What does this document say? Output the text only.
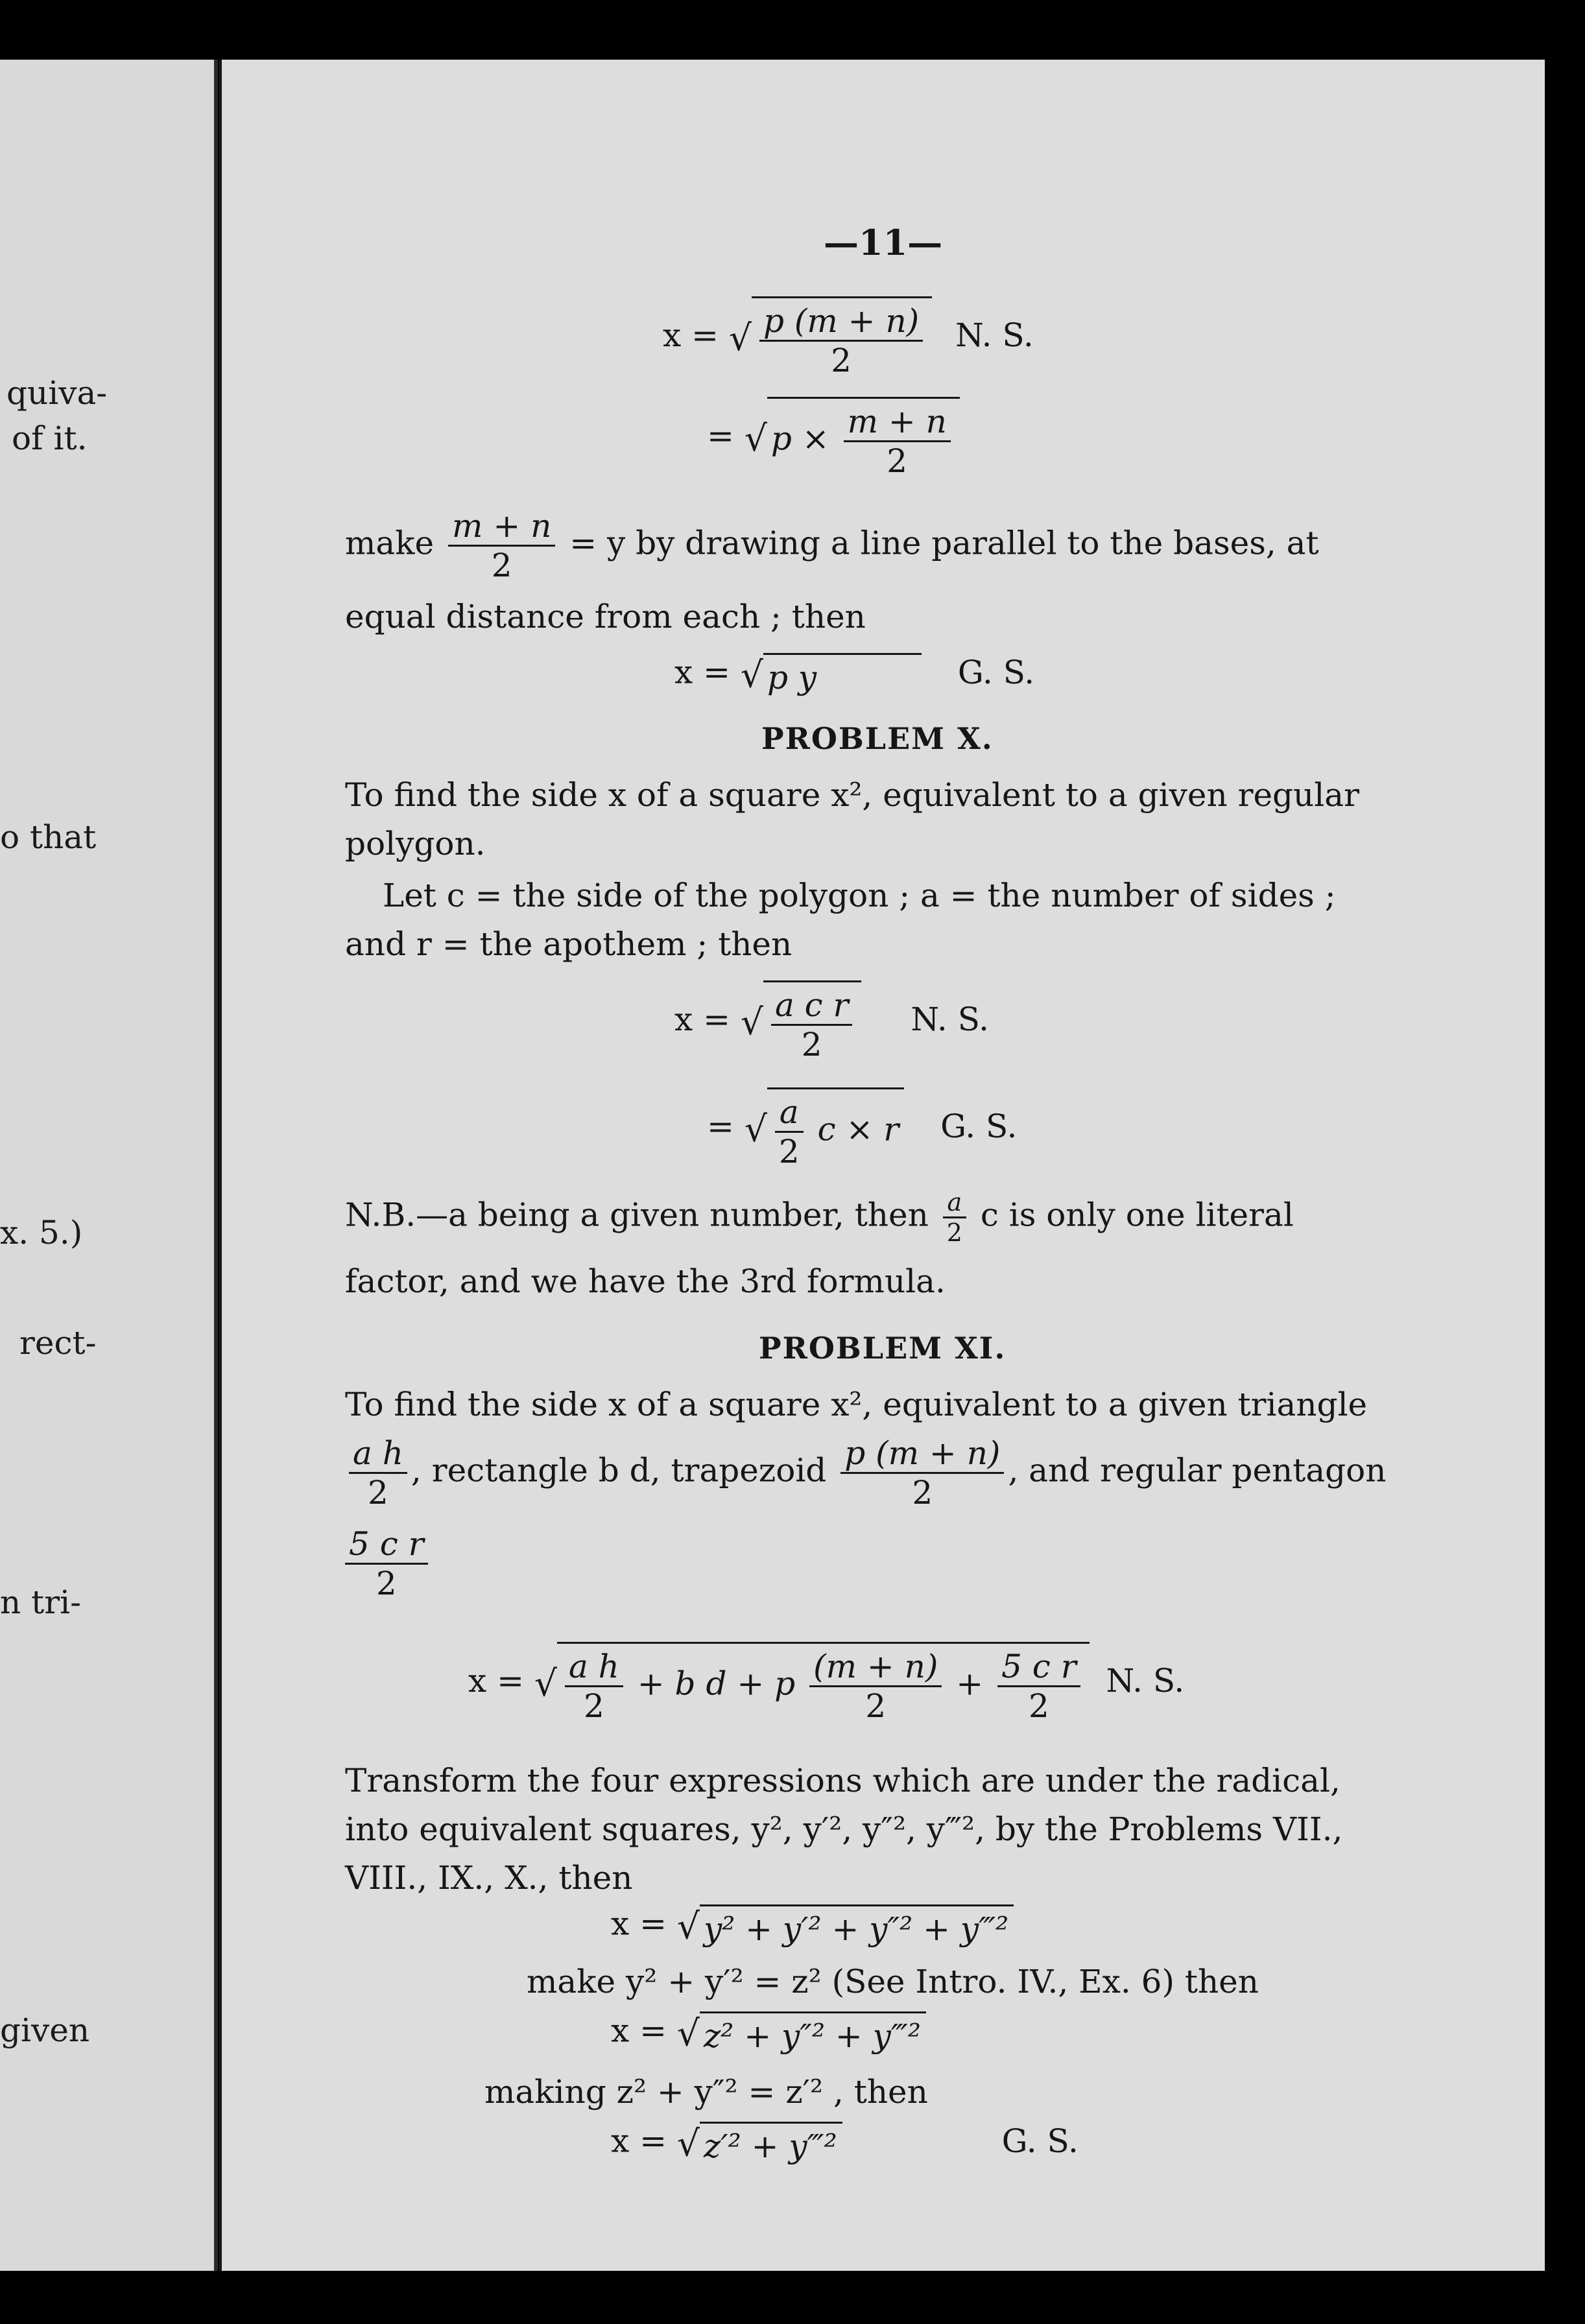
quiva-
of it.
o that
x. 5.)
rect-
n tri-
given
—11—
x = √ $\frac{p (m + n)}{2} N$. S.
= √ $p \times \frac{m + n}{2}$
make $\frac{m + n}{2} = y$ by drawing a line parallel to the bases, at
equal distance from each ; then
x = √ p y	G. S.
PROBLEM X.
To find the side x of a square x², equivalent to a given regular
polygon.
Let c = the side of the polygon ; a = the number of sides ;
and r = the apothem ; then
x = √ $\frac{\text{a c r}}{2} N$. S.
= √ $\frac{a}{2}$ c × r G. S.
N.B.—a being a given number, then $\frac{a}{2}$ c is only one literal
factor, and we have the 3rd formula.
PROBLEM XI.
To find the side x of a square x², equivalent to a given triangle
$\frac{\text{a h}}{2}$ , rectangle b d, trapezoid $\frac{p (m + n)}{2}$ , and regular pentagon
$\frac{\text{5 c r}}{2}$
x = √ $\frac{\text{a h}}{2} + b$ d + p $\frac{(m + n)}{2} + \frac{\text{5 c r}}{2} N$. S.
Transform the four expressions which are under the radical,
into equivalent squares, y², y′², y″², y‴², by the Problems VII.,
VIII., IX., X., then
x = √ y² + y′² + y″² + y‴²
make y² + y′² = z² (See Intro. IV., Ex. 6) then
x = √ z² + y″² + y‴²
making z² + y″² = z′² , then
x = √ z′² + y‴²	G. S.
